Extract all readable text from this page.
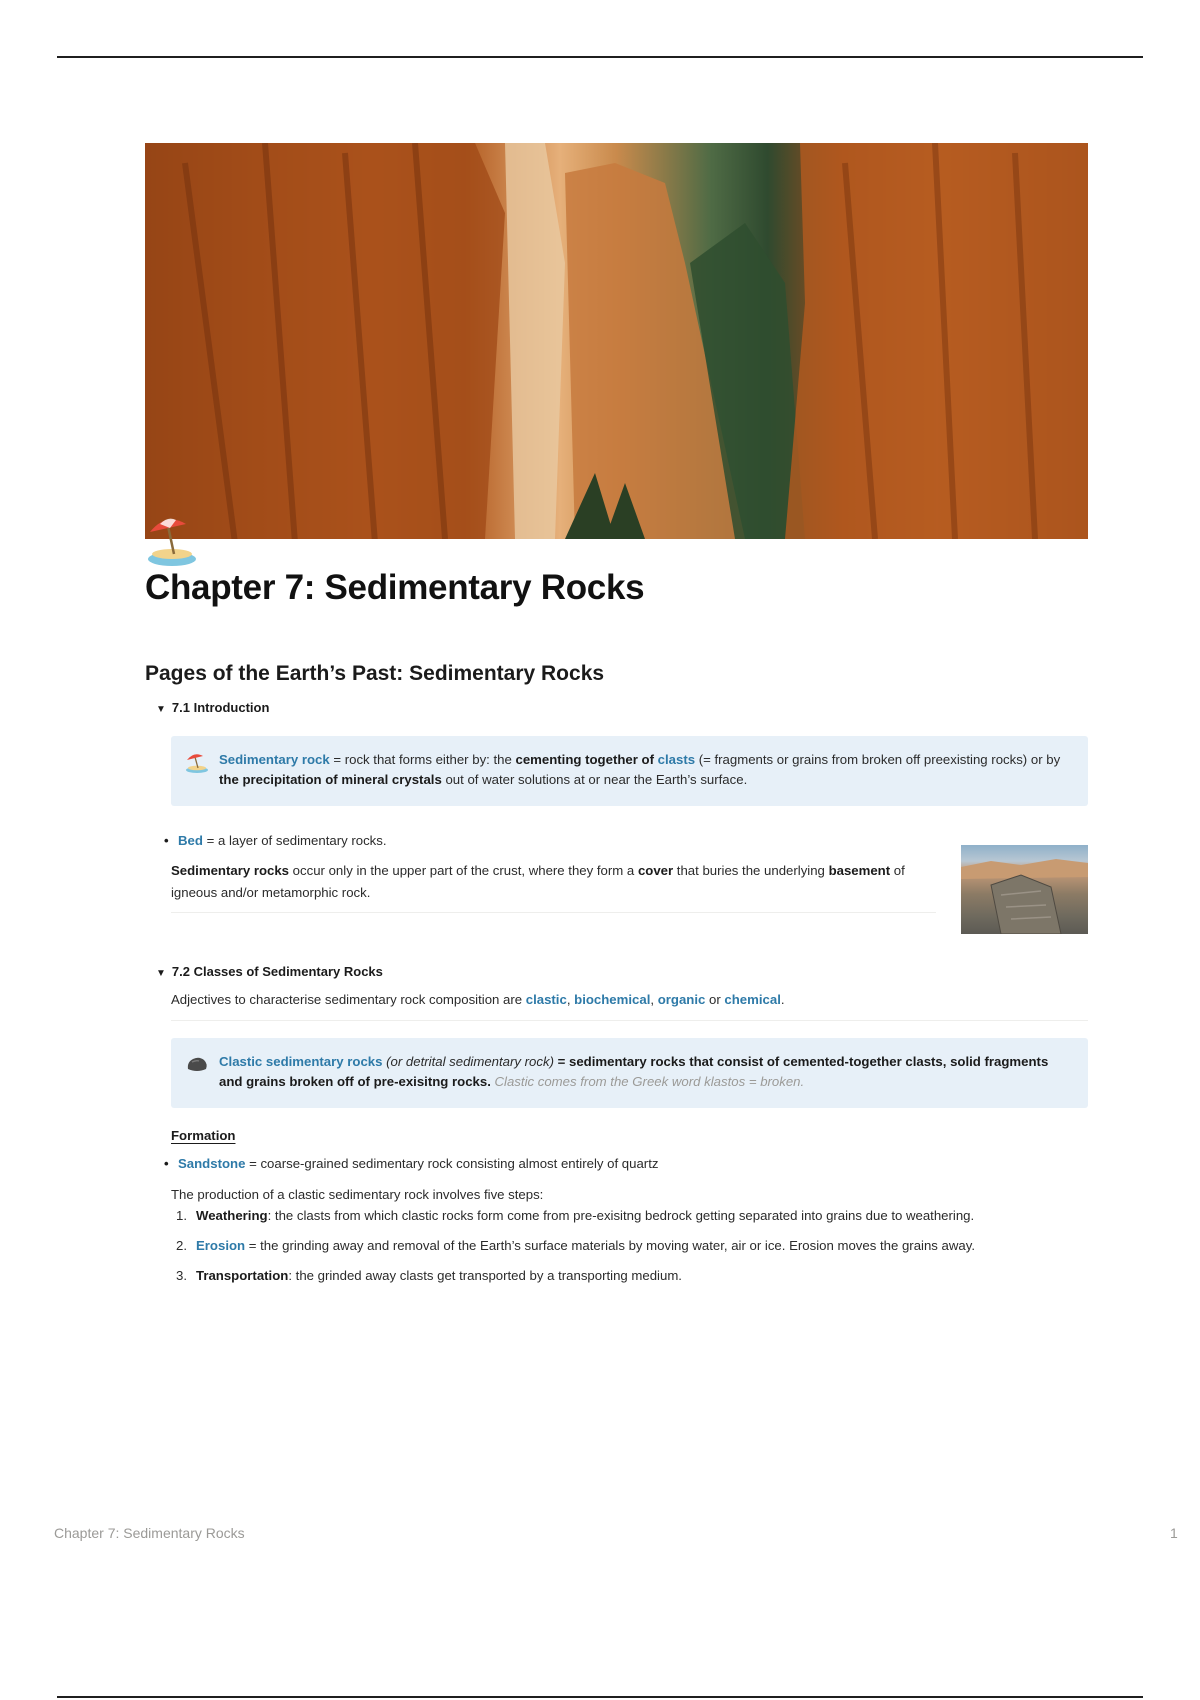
Chapter 7: Sedimentary Rocks
Pages of the Earth’s Past: Sedimentary Rocks

▼ 7.1 Introduction

Sedimentary rock = rock that forms either by: the cementing together of clasts (= fragments or grains from broken off preexisting rocks) or by the precipitation of mineral crystals out of water solutions at or near the Earth’s surface.
• Bed = a layer of sedimentary rocks.
Sedimentary rocks occur only in the upper part of the crust, where they form a cover that buries the underlying basement of igneous and/or metamorphic rock.

▼ 7.2 Classes of Sedimentary Rocks

Adjectives to characterise sedimentary rock composition are clastic, biochemical, organic or chemical.
Clastic sedimentary rocks (or detrital sedimentary rock) = sedimentary rocks that consist of cemented-together clasts, solid fragments and grains broken off of pre-exisitng rocks. Clastic comes from the Greek word klastos = broken.

Formation

• Sandstone = coarse-grained sedimentary rock consisting almost entirely of quartz
The production of a clastic sedimentary rock involves five steps:
1. Weathering: the clasts from which clastic rocks form come from pre-exisitng bedrock getting separated into grains due to weathering.
2. Erosion = the grinding away and removal of the Earth’s surface materials by moving water, air or ice. Erosion moves the grains away.
3. Transportation: the grinded away clasts get transported by a transporting medium.
Chapter 7: Sedimentary Rocks	1
